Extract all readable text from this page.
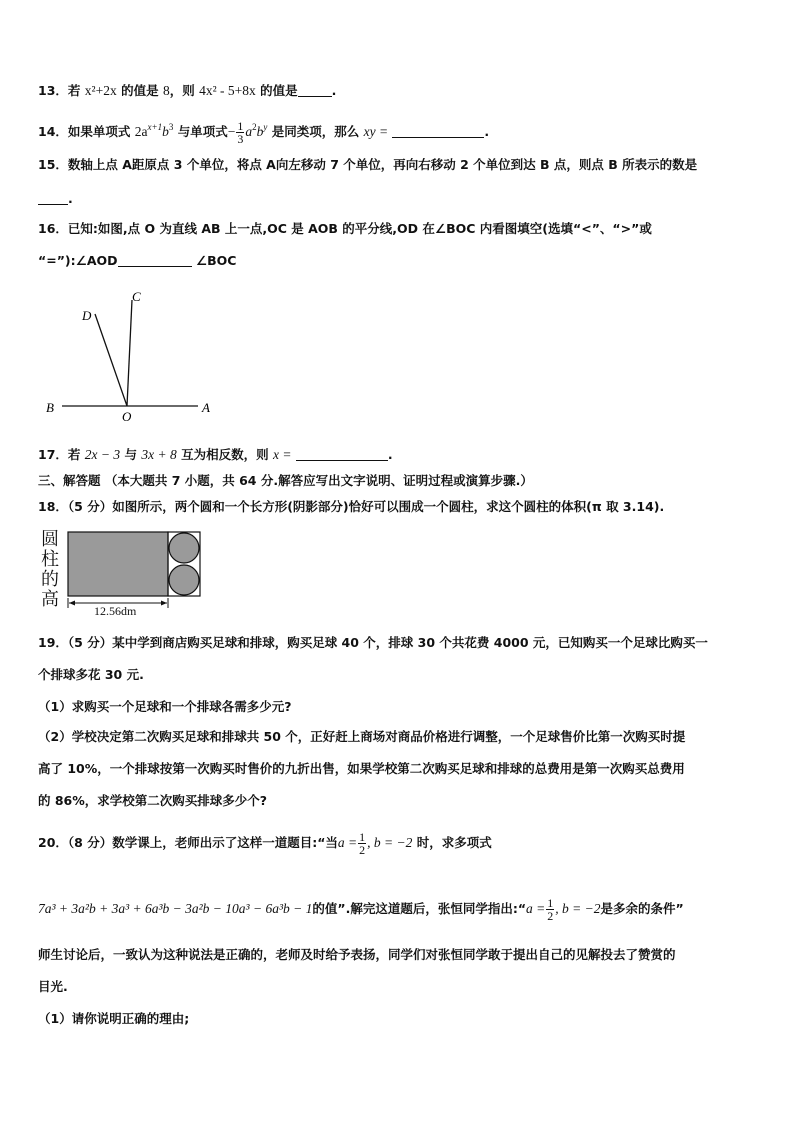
13．若 x²+2x 的值是 8，则 4x² - 5+8x 的值是	.
14．如果单项式 $2a^{x+1}b^3$ 与单项式− $\frac{1}{3} a^2b^y$ 是同类项，那么 xy =	.
15．数轴上点 A距原点 3 个单位，将点 A向左移动 7 个单位，再向右移动 2 个单位到达 B 点，则点 B 所表示的数是
.
16．已知:如图,点 O 为直线 AB 上一点,OC 是 AOB 的平分线,OD 在∠BOC 内看图填空(选填“<”、“>”或
“=”):∠AOD	∠BOC
D
C
B
O
A
17．若 2x − 3 与 3x + 8 互为相反数，则 x =	.
三、解答题 （本大题共 7 小题，共 64 分.解答应写出文字说明、证明过程或演算步骤.）
18．（5 分）如图所示，两个圆和一个长方形(阴影部分)恰好可以围成一个圆柱，求这个圆柱的体积(π 取 3.14).
圆
柱
的
高
12.56dm
19．（5 分）某中学到商店购买足球和排球，购买足球 40 个，排球 30 个共花费 4000 元，已知购买一个足球比购买一
个排球多花 30 元.
（1）求购买一个足球和一个排球各需多少元?
（2）学校决定第二次购买足球和排球共 50 个，正好赶上商场对商品价格进行调整，一个足球售价比第一次购买时提
高了 10%，一个排球按第一次购买时售价的九折出售，如果学校第二次购买足球和排球的总费用是第一次购买总费用
的 86%，求学校第二次购买排球多少个?
20．（8 分）数学课上，老师出示了这样一道题目:“当$a = \frac{1}{2}$ , b = −2 时，求多项式
7a³ + 3a²b + 3a³ + 6a³b − 3a²b − 10a³ − 6a³b − 1的值”.解完这道题后，张恒同学指出:“a = $\frac{1}{2}$ , b = −2是多余的条件”
师生讨论后，一致认为这种说法是正确的，老师及时给予表扬，同学们对张恒同学敢于提出自己的见解投去了赞赏的
目光.
（1）请你说明正确的理由;
